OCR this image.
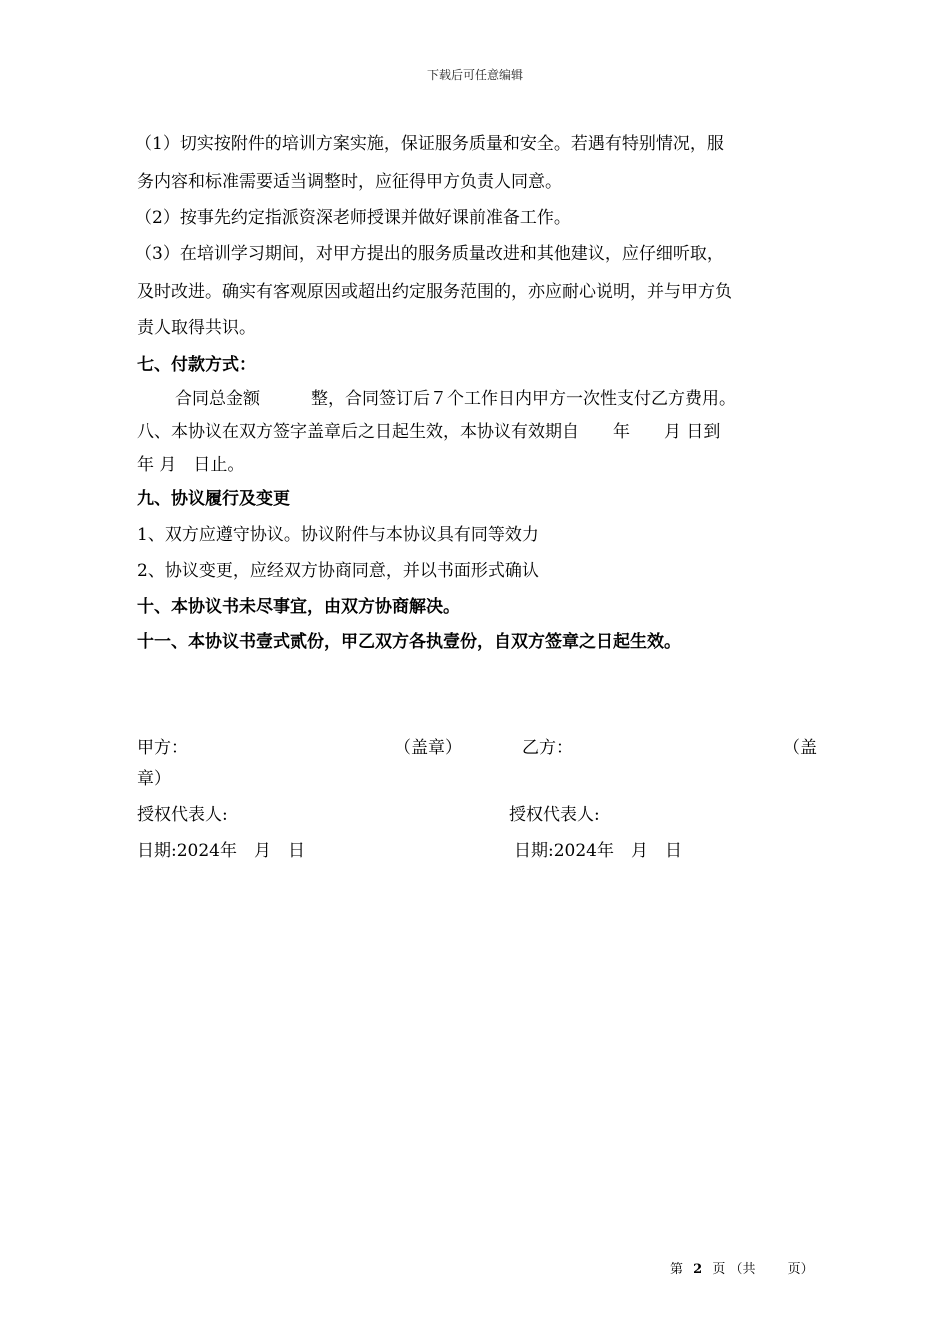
下载后可任意编辑
（1）切实按附件的培训方案实施，保证服务质量和安全。若遇有特别情况，服
务内容和标准需要适当调整时，应征得甲方负责人同意。
（2）按事先约定指派资深老师授课并做好课前准备工作。
（3）在培训学习期间，对甲方提出的服务质量改进和其他建议，应仔细听取，
及时改进。确实有客观原因或超出约定服务范围的，亦应耐心说明，并与甲方负
责人取得共识。
七、付款方式：
合同总金额　　　整，合同签订后７个工作日内甲方一次性支付乙方费用。
八、本协议在双方签字盖章后之日起生效，本协议有效期自　　年　　月 日到
年 月　日止。
九、协议履行及变更
1、双方应遵守协议。协议附件与本协议具有同等效力
2、协议变更，应经双方协商同意，并以书面形式确认
十、本协议书未尽事宜，由双方协商解决。
十一、本协议书壹式贰份，甲乙双方各执壹份，自双方签章之日起生效。
甲方：	（盖章）	乙方：	（盖
章）
授权代表人:	授权代表人:
日期:2024年　月　日	日期:2024年　月　日
第 2 页 （共 页）
